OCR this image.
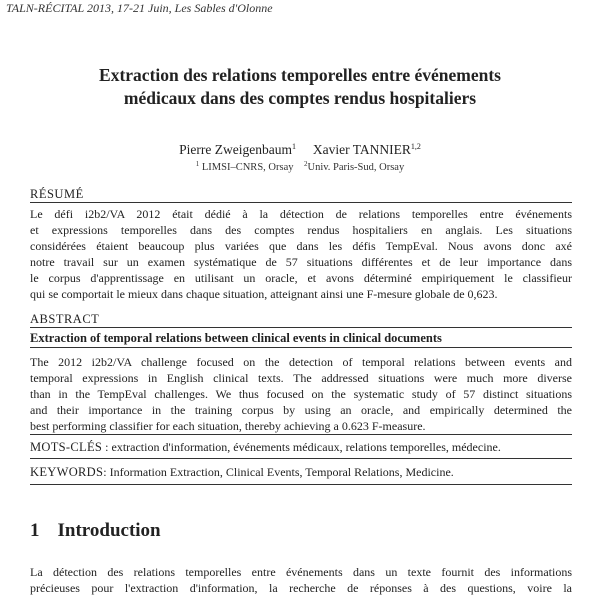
TALN-RÉCITAL 2013, 17-21 Juin, Les Sables d'Olonne
Extraction des relations temporelles entre événements
médicaux dans des comptes rendus hospitaliers
Pierre Zweigenbaum$^1$ Xavier TANNIER$^{1,2}$
$^1$ LIMSI–CNRS, Orsay $^2$Univ. Paris-Sud, Orsay
RÉSUMÉ
Le défi i2b2/VA 2012 était dédié à la détection de relations temporelles entre événements
et expressions temporelles dans des comptes rendus hospitaliers en anglais. Les situations
considérées étaient beaucoup plus variées que dans les défis TempEval. Nous avons donc axé
notre travail sur un examen systématique de 57 situations différentes et de leur importance dans
le corpus d'apprentissage en utilisant un oracle, et avons déterminé empiriquement le classifieur
qui se comportait le mieux dans chaque situation, atteignant ainsi une F-mesure globale de 0,623.
ABSTRACT
Extraction of temporal relations between clinical events in clinical documents
The 2012 i2b2/VA challenge focused on the detection of temporal relations between events and
temporal expressions in English clinical texts. The addressed situations were much more diverse
than in the TempEval challenges. We thus focused on the systematic study of 57 distinct situations
and their importance in the training corpus by using an oracle, and empirically determined the
best performing classifier for each situation, thereby achieving a 0.623 F-measure.
MOTS-CLÉS : extraction d'information, événements médicaux, relations temporelles, médecine.
KEYWORDS: Information Extraction, Clinical Events, Temporal Relations, Medicine.
1 Introduction
La détection des relations temporelles entre événements dans un texte fournit des informations
précieuses pour l'extraction d'information, la recherche de réponses à des questions, voire la
